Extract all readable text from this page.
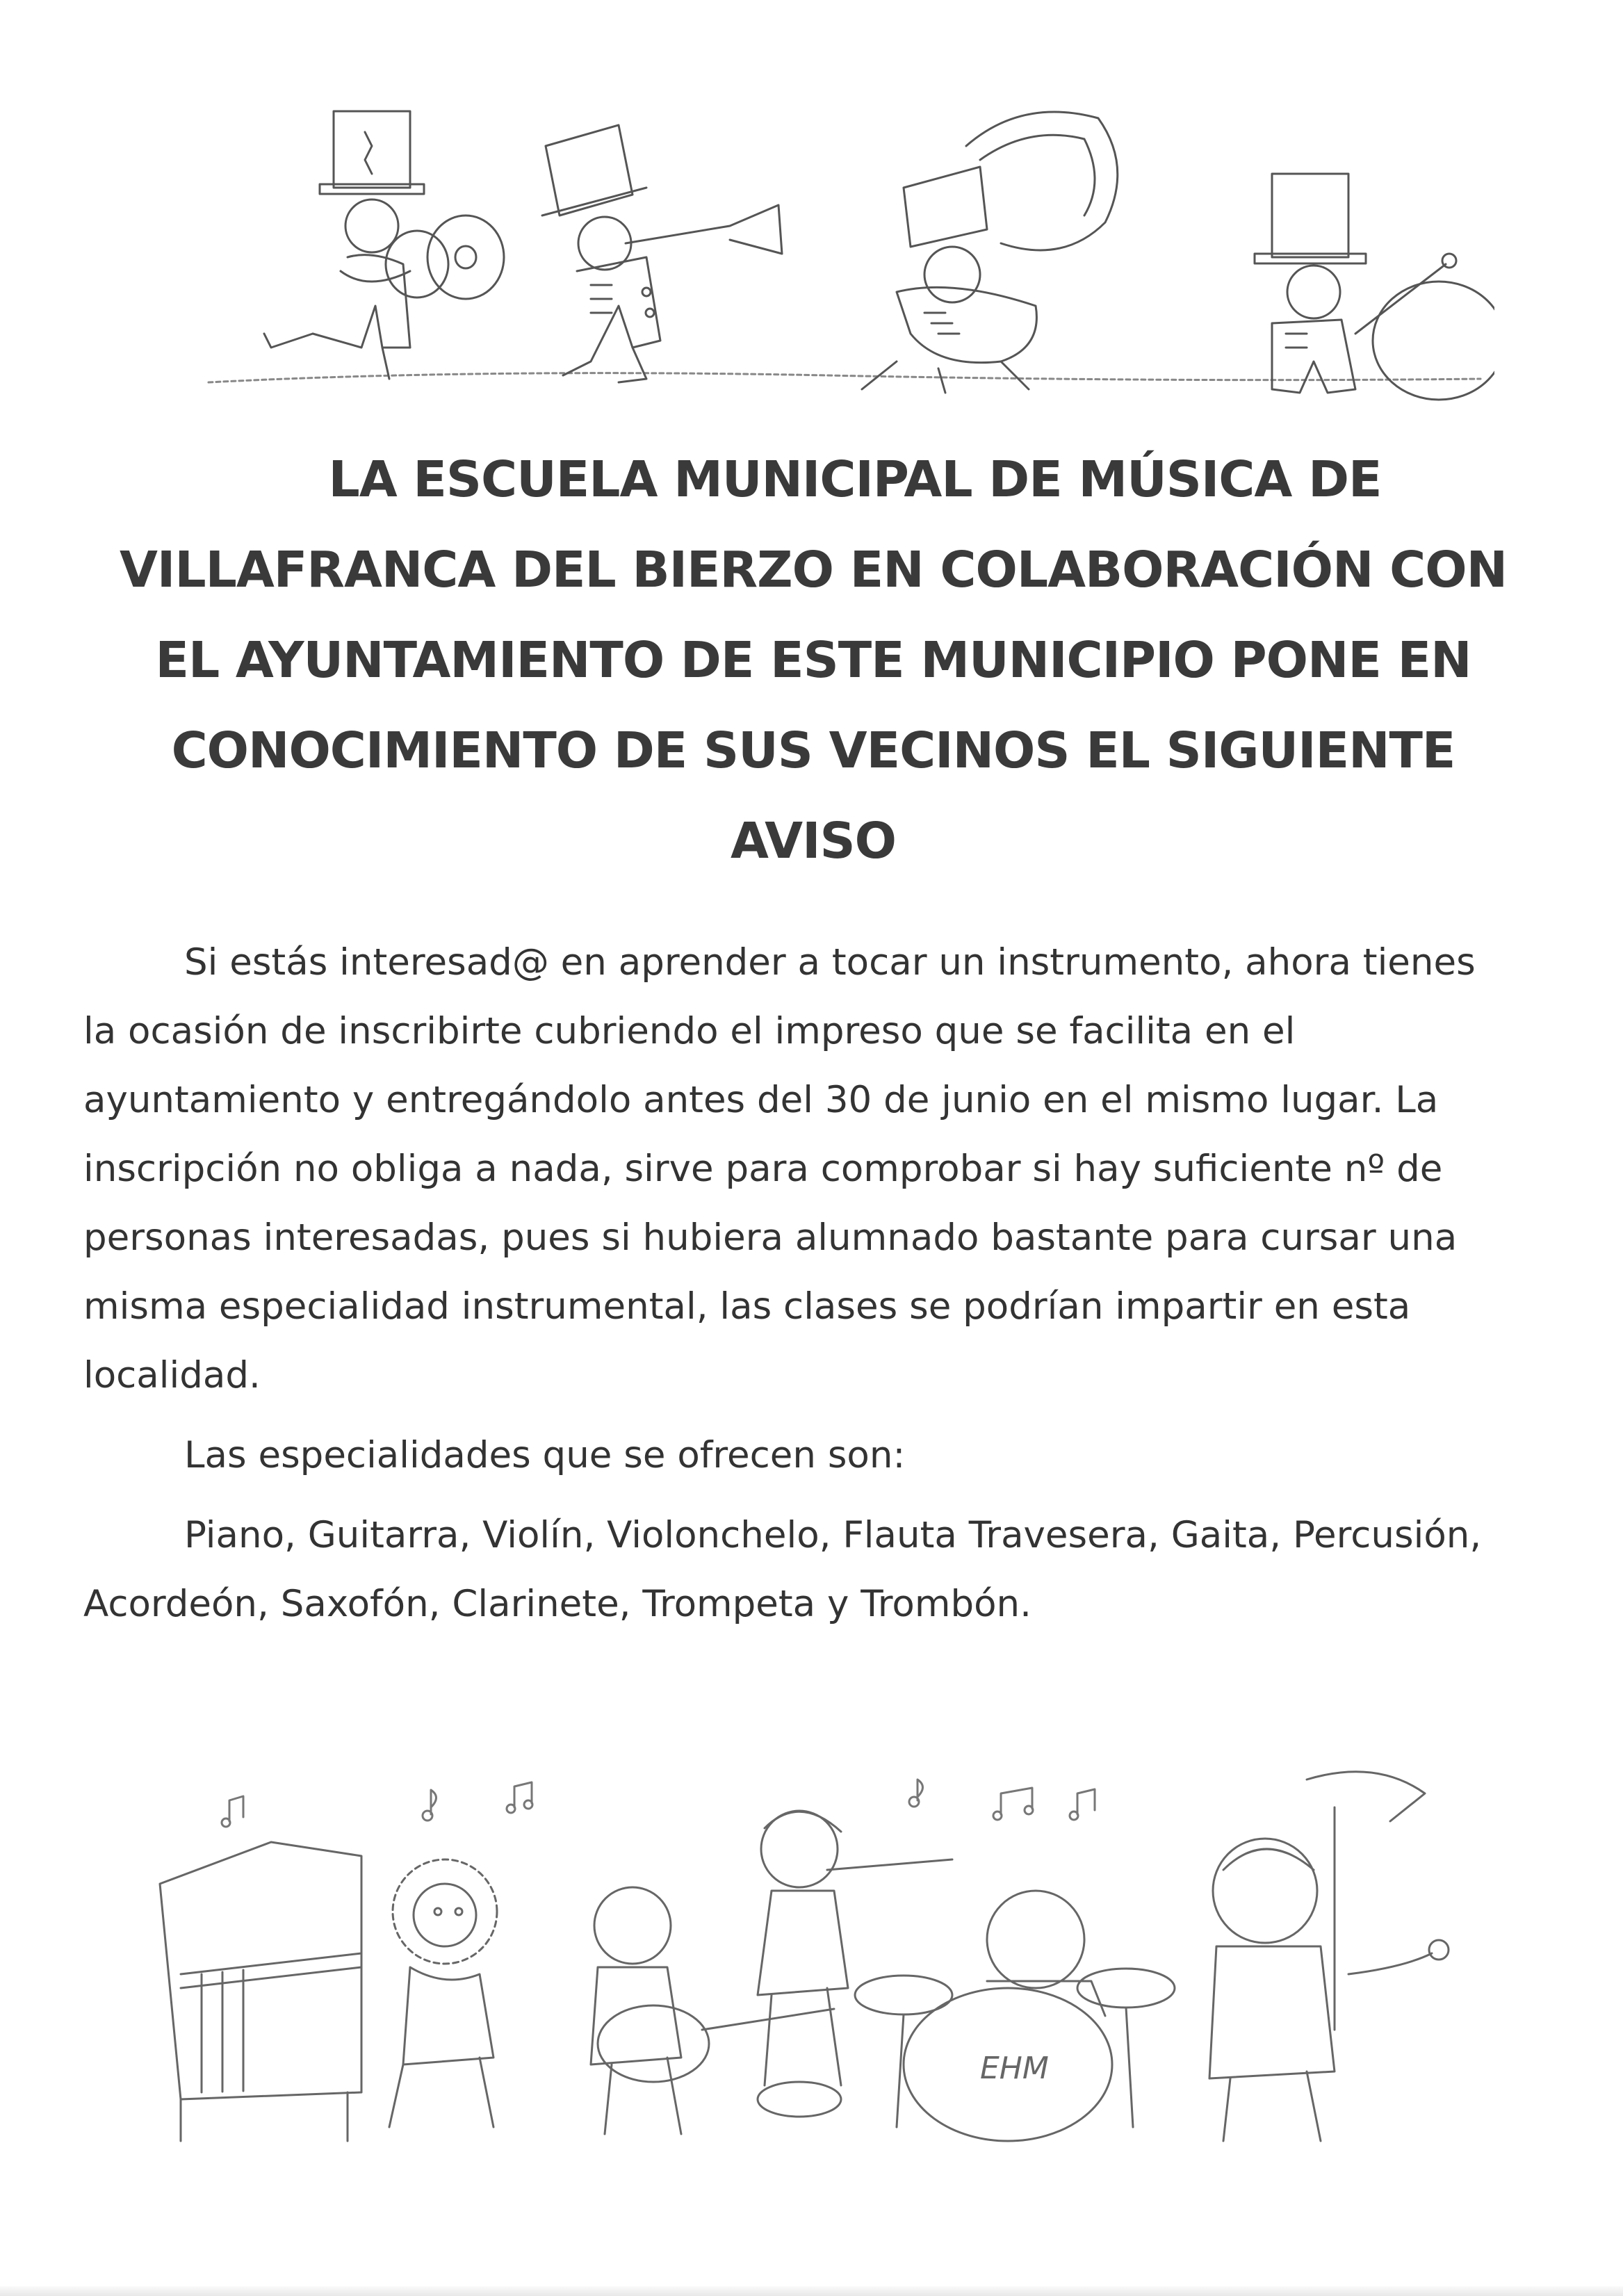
LA ESCUELA MUNICIPAL DE MÚSICA DE
VILLAFRANCA DEL BIERZO EN COLABORACIÓN CON
EL AYUNTAMIENTO DE ESTE MUNICIPIO PONE EN
CONOCIMIENTO DE SUS VECINOS EL SIGUIENTE
AVISO

Si estás interesad@ en aprender a tocar un instrumento, ahora tienes la ocasión de inscribirte cubriendo el impreso que se facilita en el ayuntamiento y entregándolo antes del 30 de junio en el mismo lugar. La inscripción no obliga a nada, sirve para comprobar si hay suficiente nº de personas interesadas, pues si hubiera alumnado bastante para cursar una misma especialidad instrumental, las clases se podrían impartir en esta localidad.

Las especialidades que se ofrecen son:

Piano, Guitarra, Violín, Violonchelo, Flauta Travesera, Gaita, Percusión, Acordeón, Saxofón, Clarinete, Trompeta y Trombón.

EHM
